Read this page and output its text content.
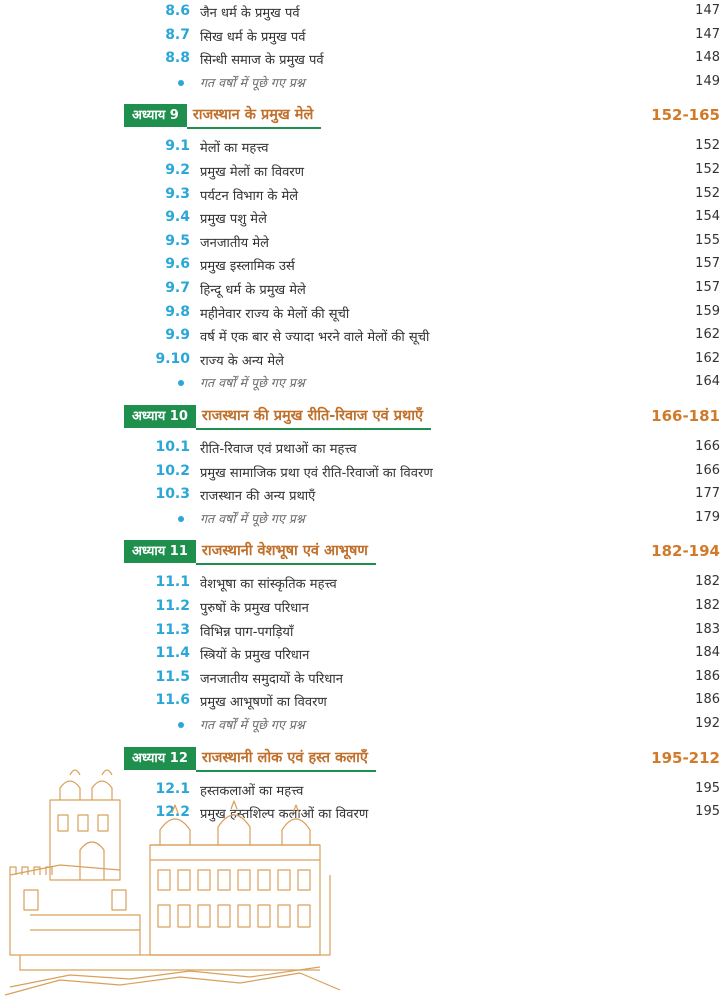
8.6 जैन धर्म के प्रमुख पर्व	147
8.7 सिख धर्म के प्रमुख पर्व	147
8.8 सिन्धी समाज के प्रमुख पर्व	148
गत वर्षों में पूछे गए प्रश्न	149
अध्याय 9 राजस्थान के प्रमुख मेले	152-165
9.1 मेलों का महत्त्व	152
9.2 प्रमुख मेलों का विवरण	152
9.3 पर्यटन विभाग के मेले	152
9.4 प्रमुख पशु मेले	154
9.5 जनजातीय मेले	155
9.6 प्रमुख इस्लामिक उर्स	157
9.7 हिन्दू धर्म के प्रमुख मेले	157
9.8 महीनेवार राज्य के मेलों की सूची	159
9.9 वर्ष में एक बार से ज्यादा भरने वाले मेलों की सूची	162
9.10 राज्य के अन्य मेले	162
गत वर्षों में पूछे गए प्रश्न	164
अध्याय 10 राजस्थान की प्रमुख रीति-रिवाज एवं प्रथाएँ	166-181
10.1 रीति-रिवाज एवं प्रथाओं का महत्त्व	166
10.2 प्रमुख सामाजिक प्रथा एवं रीति-रिवाजों का विवरण	166
10.3 राजस्थान की अन्य प्रथाएँ	177
गत वर्षों में पूछे गए प्रश्न	179
अध्याय 11 राजस्थानी वेशभूषा एवं आभूषण	182-194
11.1 वेशभूषा का सांस्कृतिक महत्त्व	182
11.2 पुरुषों के प्रमुख परिधान	182
11.3 विभिन्न पाग-पगड़ियाँ	183
11.4 स्त्रियों के प्रमुख परिधान	184
11.5 जनजातीय समुदायों के परिधान	186
11.6 प्रमुख आभूषणों का विवरण	186
गत वर्षों में पूछे गए प्रश्न	192
अध्याय 12 राजस्थानी लोक एवं हस्त कलाएँ	195-212
12.1 हस्तकलाओं का महत्त्व	195
12.2 प्रमुख हस्तशिल्प कलाओं का विवरण	195
